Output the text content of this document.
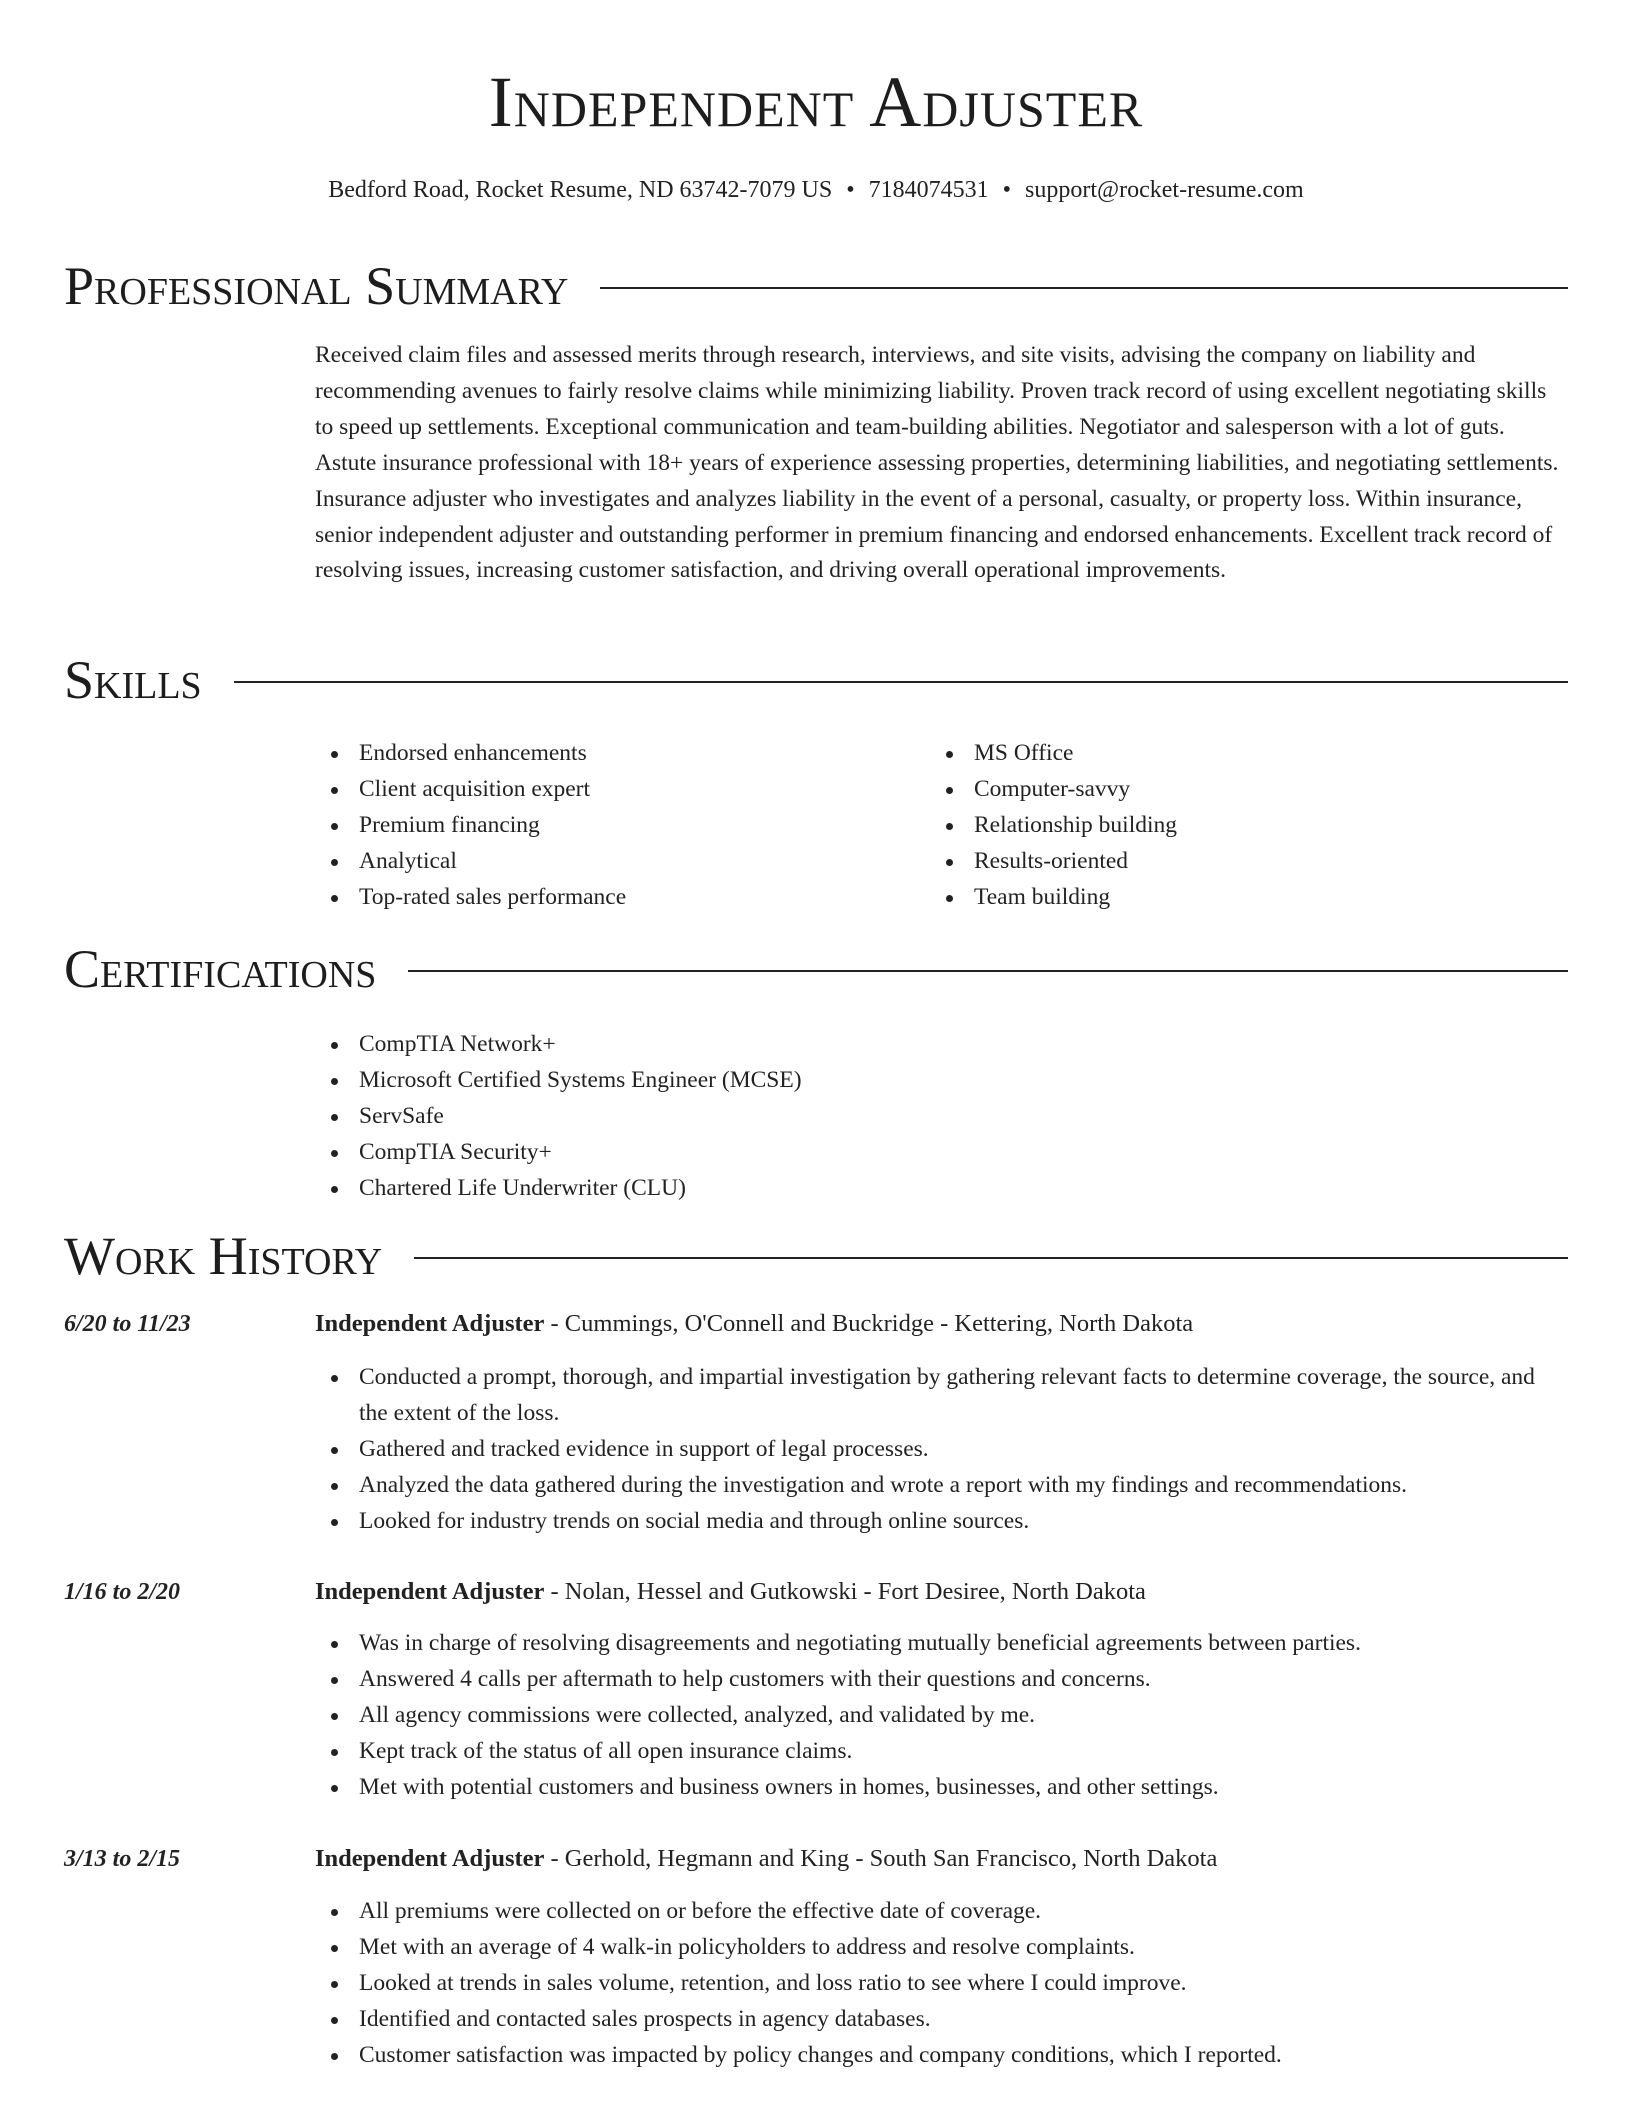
Independent Adjuster
Bedford Road, Rocket Resume, ND 63742-7079 US • 7184074531 • support@rocket-resume.com
Professional Summary
Received claim files and assessed merits through research, interviews, and site visits, advising the company on liability and recommending avenues to fairly resolve claims while minimizing liability. Proven track record of using excellent negotiating skills to speed up settlements. Exceptional communication and team-building abilities. Negotiator and salesperson with a lot of guts. Astute insurance professional with 18+ years of experience assessing properties, determining liabilities, and negotiating settlements. Insurance adjuster who investigates and analyzes liability in the event of a personal, casualty, or property loss. Within insurance, senior independent adjuster and outstanding performer in premium financing and endorsed enhancements. Excellent track record of resolving issues, increasing customer satisfaction, and driving overall operational improvements.
Skills
Endorsed enhancements
Client acquisition expert
Premium financing
Analytical
Top-rated sales performance
MS Office
Computer-savvy
Relationship building
Results-oriented
Team building
Certifications
CompTIA Network+
Microsoft Certified Systems Engineer (MCSE)
ServSafe
CompTIA Security+
Chartered Life Underwriter (CLU)
Work History
6/20 to 11/23	Independent Adjuster - Cummings, O'Connell and Buckridge - Kettering, North Dakota
Conducted a prompt, thorough, and impartial investigation by gathering relevant facts to determine coverage, the source, and the extent of the loss.
Gathered and tracked evidence in support of legal processes.
Analyzed the data gathered during the investigation and wrote a report with my findings and recommendations.
Looked for industry trends on social media and through online sources.
1/16 to 2/20	Independent Adjuster - Nolan, Hessel and Gutkowski - Fort Desiree, North Dakota
Was in charge of resolving disagreements and negotiating mutually beneficial agreements between parties.
Answered 4 calls per aftermath to help customers with their questions and concerns.
All agency commissions were collected, analyzed, and validated by me.
Kept track of the status of all open insurance claims.
Met with potential customers and business owners in homes, businesses, and other settings.
3/13 to 2/15	Independent Adjuster - Gerhold, Hegmann and King - South San Francisco, North Dakota
All premiums were collected on or before the effective date of coverage.
Met with an average of 4 walk-in policyholders to address and resolve complaints.
Looked at trends in sales volume, retention, and loss ratio to see where I could improve.
Identified and contacted sales prospects in agency databases.
Customer satisfaction was impacted by policy changes and company conditions, which I reported.
